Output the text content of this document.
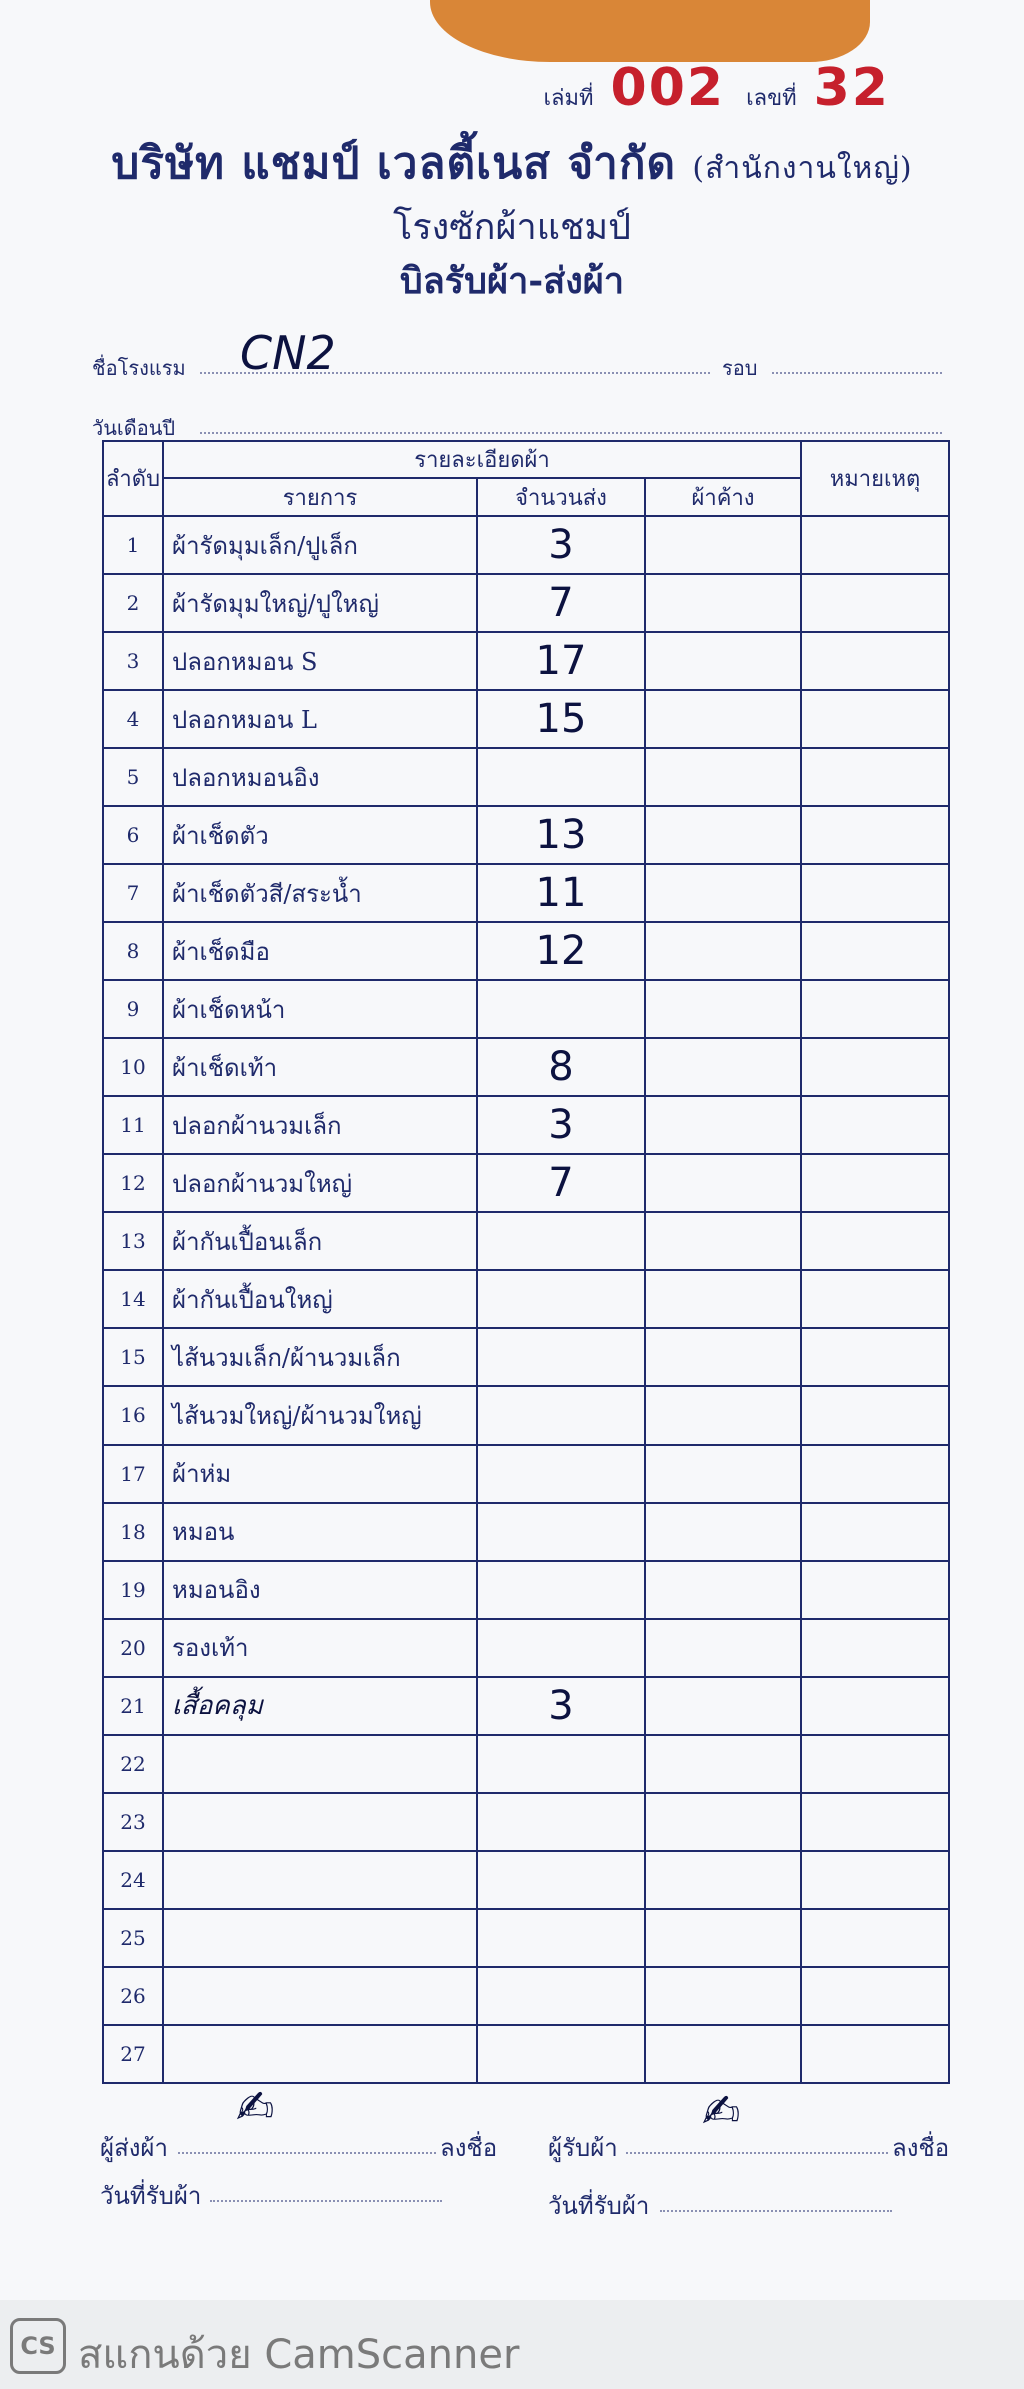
เล่มที่ 002 เลขที่ 32
บริษัท แชมป์ เวลตี้เนส จำกัด (สำนักงานใหญ่)
โรงซักผ้าแชมป์
บิลรับผ้า-ส่งผ้า
ชื่อโรงแรม CN2	รอบ
วันเดือนปี
ลำดับ	รายละเอียดผ้า			หมายเหตุ
	รายการ	จำนวนส่ง	ผ้าค้าง	
1	ผ้ารัดมุมเล็ก/ปูเล็ก	3		
2	ผ้ารัดมุมใหญ่/ปูใหญ่	7		
3	ปลอกหมอน S	17		
4	ปลอกหมอน L	15		
5	ปลอกหมอนอิง			
6	ผ้าเช็ดตัว	13		
7	ผ้าเช็ดตัวสี/สระน้ำ	11		
8	ผ้าเช็ดมือ	12		
9	ผ้าเช็ดหน้า			
10	ผ้าเช็ดเท้า	8		
11	ปลอกผ้านวมเล็ก	3		
12	ปลอกผ้านวมใหญ่	7		
13	ผ้ากันเปื้อนเล็ก			
14	ผ้ากันเปื้อนใหญ่			
15	ไส้นวมเล็ก/ผ้านวมเล็ก			
16	ไส้นวมใหญ่/ผ้านวมใหญ่			
17	ผ้าห่ม			
18	หมอน			
19	หมอนอิง			
20	รองเท้า			
21	เสื้อคลุม	3		
22				
23				
24				
25				
26				
27				
ผู้ส่งผ้า
✍
ลงชื่อ ผู้รับผ้า
✍
ลงชื่อ
วันที่รับผ้า	วันที่รับผ้า
CS สแกนด้วย CamScanner
